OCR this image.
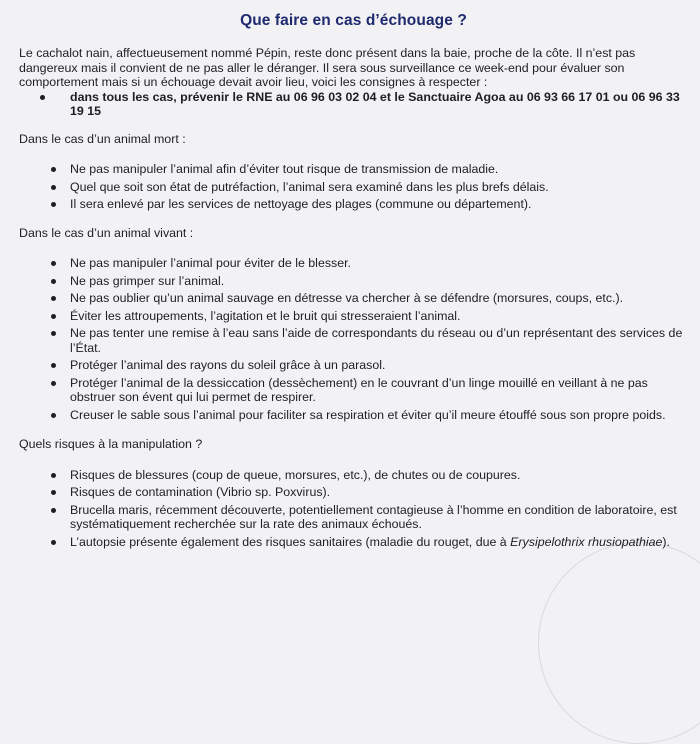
Que faire en cas d’échouage ?

Le cachalot nain, affectueusement nommé Pépin, reste donc présent dans la baie, proche de la côte. Il n’est pas dangereux mais il convient de ne pas aller le déranger. Il sera sous surveillance ce week-end pour évaluer son comportement mais si un échouage devait avoir lieu, voici les consignes à respecter :

dans tous les cas, prévenir le RNE au 06 96 03 02 04 et le Sanctuaire Agoa au 06 93 66 17 01 ou 06 96 33 19 15

Dans le cas d’un animal mort :

Ne pas manipuler l’animal afin d’éviter tout risque de transmission de maladie.
Quel que soit son état de putréfaction, l’animal sera examiné dans les plus brefs délais.
Il sera enlevé par les services de nettoyage des plages (commune ou département).

Dans le cas d’un animal vivant :

Ne pas manipuler l’animal pour éviter de le blesser.
Ne pas grimper sur l’animal.
Ne pas oublier qu’un animal sauvage en détresse va chercher à se défendre (morsures, coups, etc.).
Éviter les attroupements, l’agitation et le bruit qui stresseraient l’animal.
Ne pas tenter une remise à l’eau sans l’aide de correspondants du réseau ou d’un représentant des services de l’État.
Protéger l’animal des rayons du soleil grâce à un parasol.
Protéger l’animal de la dessiccation (dessèchement) en le couvrant d’un linge mouillé en veillant à ne pas obstruer son évent qui lui permet de respirer.
Creuser le sable sous l’animal pour faciliter sa respiration et éviter qu’il meure étouffé sous son propre poids.

Quels risques à la manipulation ?

Risques de blessures (coup de queue, morsures, etc.), de chutes ou de coupures.
Risques de contamination (Vibrio sp. Poxvirus).
Brucella maris, récemment découverte, potentiellement contagieuse à l’homme en condition de laboratoire, est systématiquement recherchée sur la rate des animaux échoués.
L’autopsie présente également des risques sanitaires (maladie du rouget, due à Erysipelothrix rhusiopathiae).
